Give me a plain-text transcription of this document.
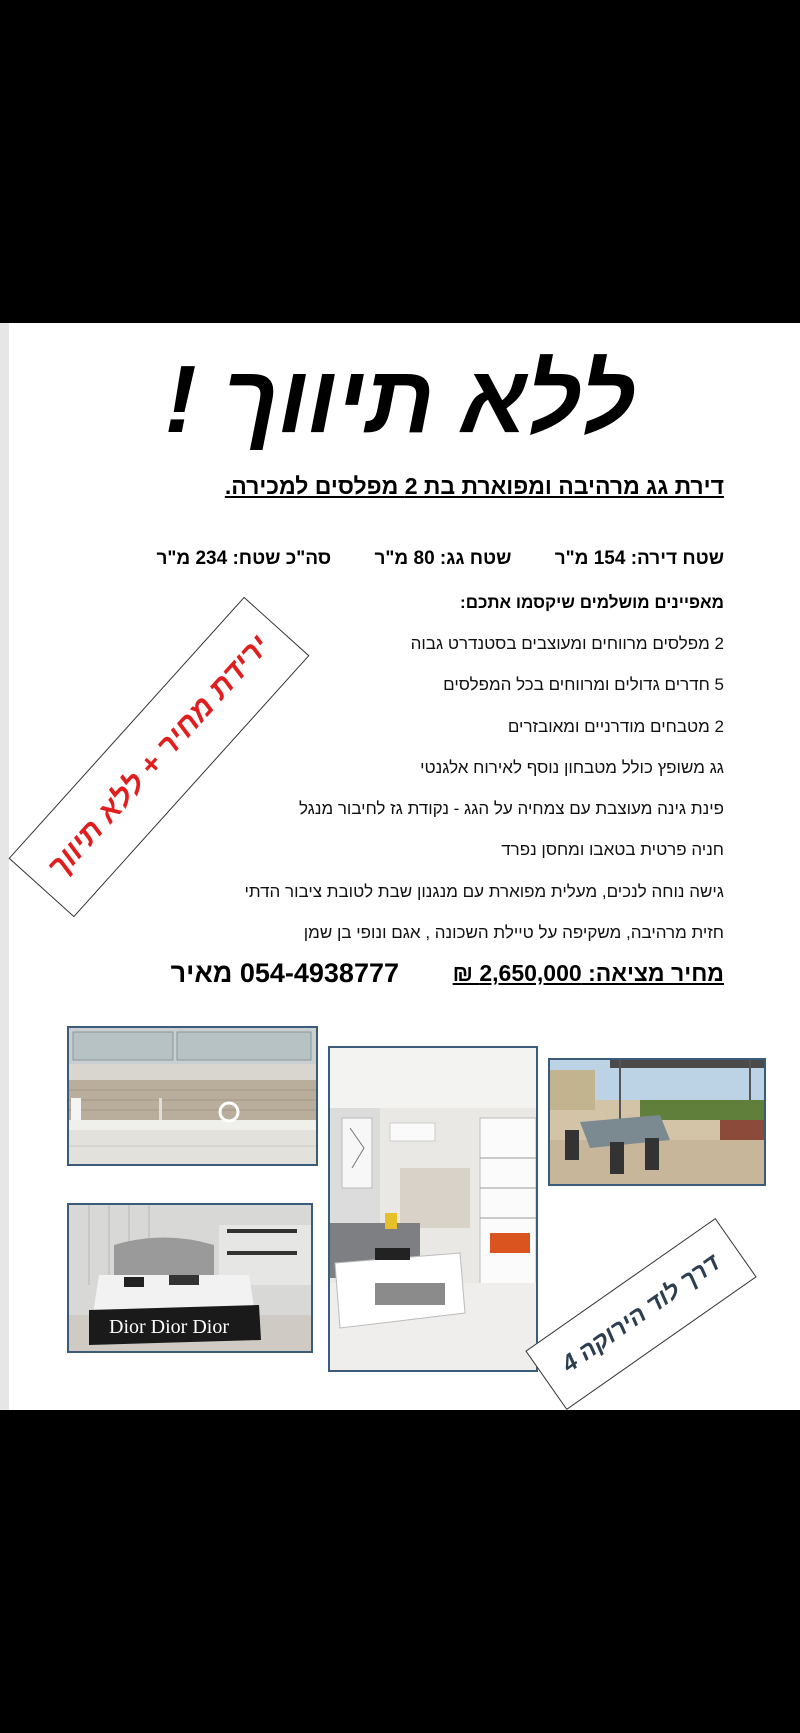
ללא תיווך !
דירת גג מרהיבה ומפוארת בת 2 מפלסים למכירה.
שטח דירה: 154 מ"ר שטח גג: 80 מ"ר סה"כ שטח: 234 מ"ר
מאפיינים מושלמים שיקסמו אתכם:
2 מפלסים מרווחים ומעוצבים בסטנדרט גבוה
5 חדרים גדולים ומרווחים בכל המפלסים
2 מטבחים מודרניים ומאובזרים
גג משופץ כולל מטבחון נוסף לאירוח אלגנטי
פינת גינה מעוצבת עם צמחיה על הגג - נקודת גז לחיבור מנגל
חניה פרטית בטאבו ומחסן נפרד
גישה נוחה לנכים, מעלית מפוארת עם מנגנון שבת לטובת ציבור הדתי
חזית מרהיבה, משקיפה על טיילת השכונה , אגם ונופי בן שמן
מחיר מציאה: 2,650,000 ₪
054-4938777 מאיר
ירידת מחיר + ללא תיווך
Dior Dior Dior
דרך לוד הירוקה 4
